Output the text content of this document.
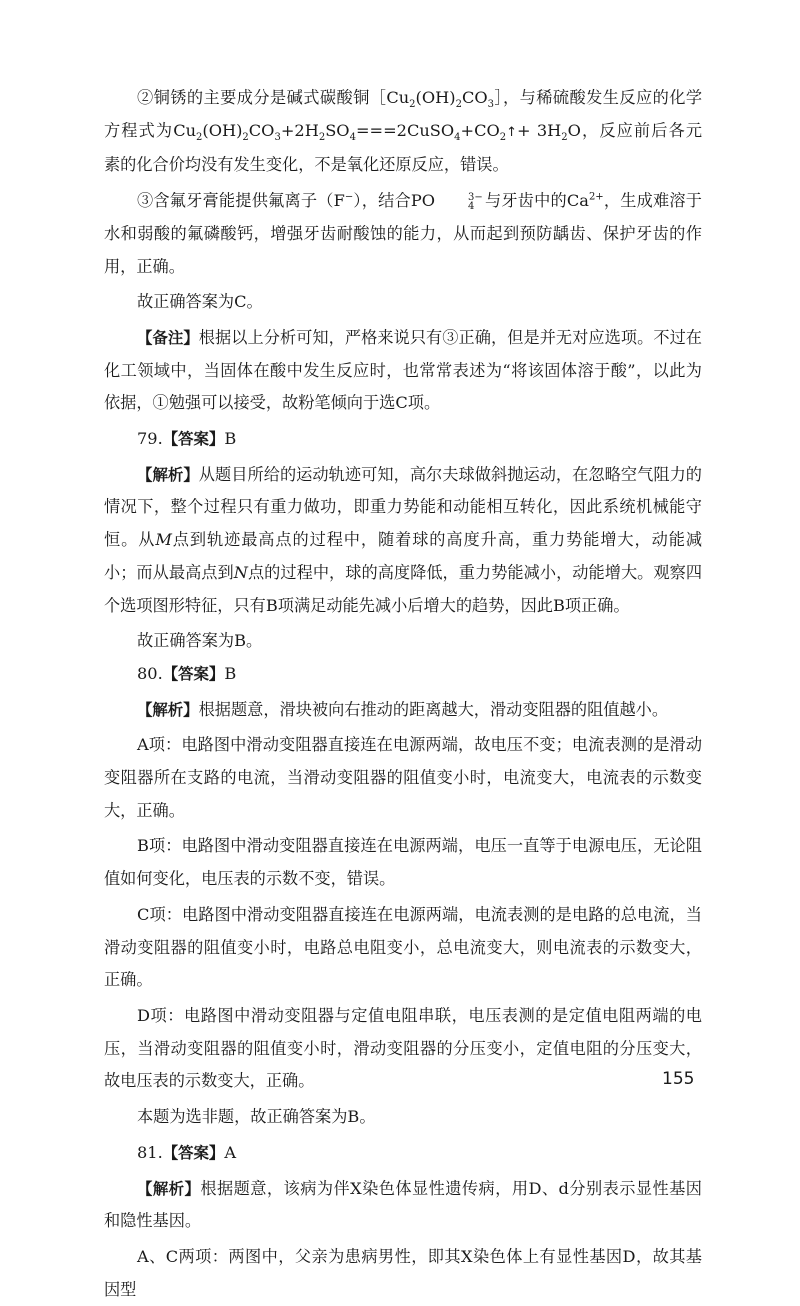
②铜锈的主要成分是碱式碳酸铜$[Cu_2(OH)_2CO_3]$，与稀硫酸发生反应的化学方程式为$Cu_2(OH)_2CO_3+2H_2SO_4===2CuSO_4+CO_2↑+ 3H_2O$，反应前后各元素的化合价均没有发生变化，不是氧化还原反应，错误。

③含氟牙膏能提供氟离子（F−），结合PO	3−
4 与牙齿中的$Ca^{2+}$，生成难溶于水和弱酸的氟磷酸钙，增强牙齿耐酸蚀的能力，从而起到预防龋齿、保护牙齿的作用，正确。

故正确答案为C。

【备注】根据以上分析可知，严格来说只有③正确，但是并无对应选项。不过在化工领域中，当固体在酸中发生反应时，也常常表述为“将该固体溶于酸”，以此为依据，①勉强可以接受，故粉笔倾向于选C项。

79.【答案】B

【解析】从题目所给的运动轨迹可知，高尔夫球做斜抛运动，在忽略空气阻力的情况下，整个过程只有重力做功，即重力势能和动能相互转化，因此系统机械能守恒。从M点到轨迹最高点的过程中，随着球的高度升高，重力势能增大，动能减小；而从最高点到N点的过程中，球的高度降低，重力势能减小，动能增大。观察四个选项图形特征，只有B项满足动能先减小后增大的趋势，因此B项正确。

故正确答案为B。

80.【答案】B

【解析】根据题意，滑块被向右推动的距离越大，滑动变阻器的阻值越小。

A项：电路图中滑动变阻器直接连在电源两端，故电压不变；电流表测的是滑动变阻器所在支路的电流，当滑动变阻器的阻值变小时，电流变大，电流表的示数变大，正确。

B项：电路图中滑动变阻器直接连在电源两端，电压一直等于电源电压，无论阻值如何变化，电压表的示数不变，错误。

C项：电路图中滑动变阻器直接连在电源两端，电流表测的是电路的总电流，当滑动变阻器的阻值变小时，电路总电阻变小，总电流变大，则电流表的示数变大，正确。

D项：电路图中滑动变阻器与定值电阻串联，电压表测的是定值电阻两端的电压，当滑动变阻器的阻值变小时，滑动变阻器的分压变小，定值电阻的分压变大，故电压表的示数变大，正确。

本题为选非题，故正确答案为B。

81.【答案】A

【解析】根据题意，该病为伴X染色体显性遗传病，用D、d分别表示显性基因和隐性基因。

A、C两项：两图中，父亲为患病男性，即其X染色体上有显性基因D，故其基因型

155
